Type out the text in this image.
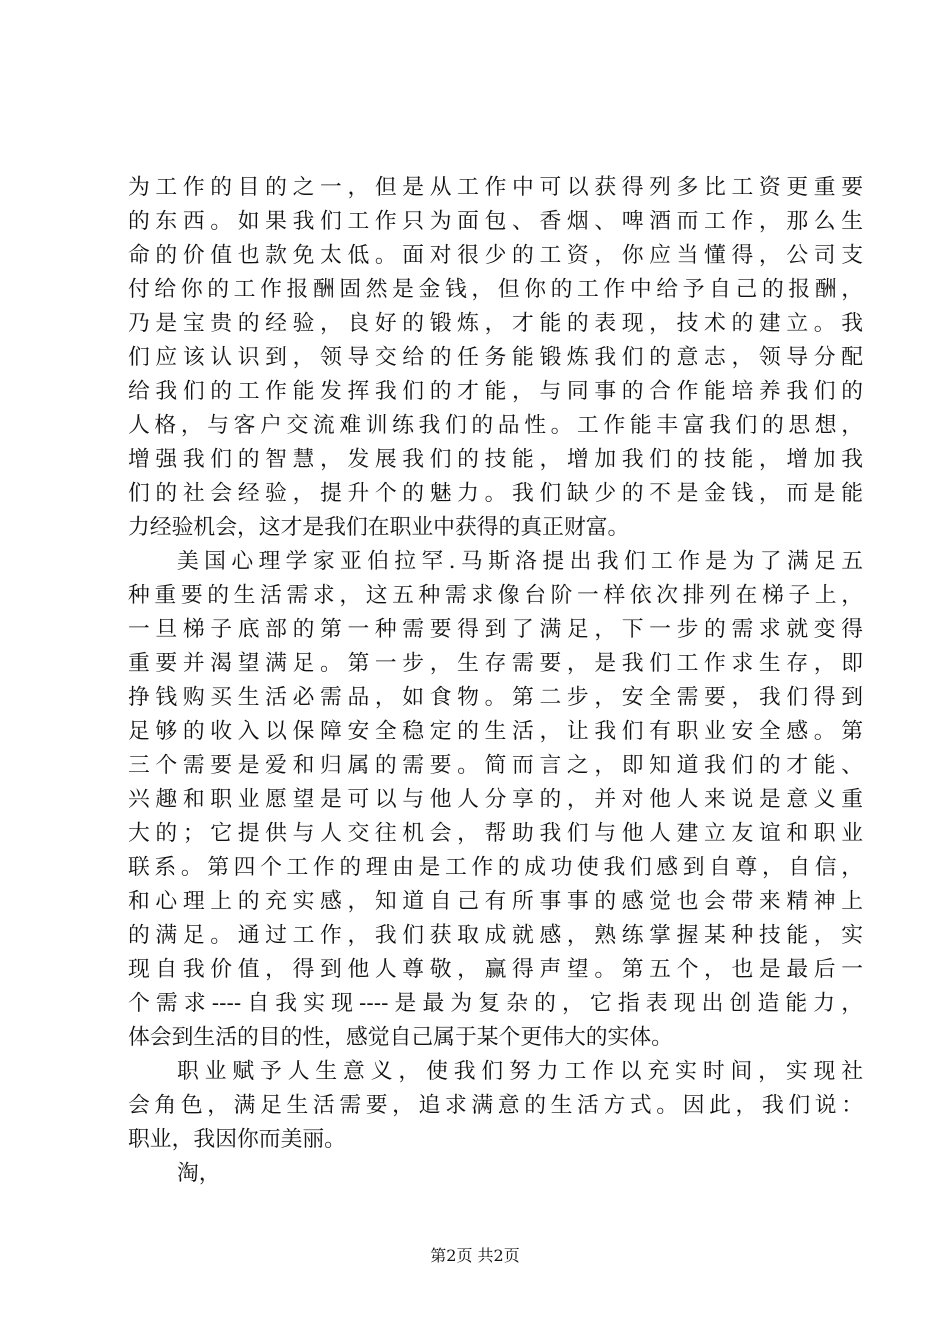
为工作的目的之一，但是从工作中可以获得列多比工资更重要
的东西。如果我们工作只为面包、香烟、啤酒而工作，那么生
命的价值也款免太低。面对很少的工资，你应当懂得，公司支
付给你的工作报酬固然是金钱，但你的工作中给予自己的报酬，
乃是宝贵的经验，良好的锻炼，才能的表现，技术的建立。我
们应该认识到，领导交给的任务能锻炼我们的意志，领导分配
给我们的工作能发挥我们的才能，与同事的合作能培养我们的
人格，与客户交流难训练我们的品性。工作能丰富我们的思想，
增强我们的智慧，发展我们的技能，增加我们的技能，增加我
们的社会经验，提升个的魅力。我们缺少的不是金钱，而是能
力经验机会，这才是我们在职业中获得的真正财富。
美国心理学家亚伯拉罕.马斯洛提出我们工作是为了满足五
种重要的生活需求，这五种需求像台阶一样依次排列在梯子上，
一旦梯子底部的第一种需要得到了满足，下一步的需求就变得
重要并渴望满足。第一步，生存需要，是我们工作求生存，即
挣钱购买生活必需品，如食物。第二步，安全需要，我们得到
足够的收入以保障安全稳定的生活，让我们有职业安全感。第
三个需要是爱和归属的需要。简而言之，即知道我们的才能、
兴趣和职业愿望是可以与他人分享的，并对他人来说是意义重
大的；它提供与人交往机会，帮助我们与他人建立友谊和职业
联系。第四个工作的理由是工作的成功使我们感到自尊，自信，
和心理上的充实感，知道自己有所事事的感觉也会带来精神上
的满足。通过工作，我们获取成就感，熟练掌握某种技能，实
现自我价值，得到他人尊敬，赢得声望。第五个，也是最后一
个需求----自我实现----是最为复杂的，它指表现出创造能力，
体会到生活的目的性，感觉自己属于某个更伟大的实体。
职业赋予人生意义，使我们努力工作以充实时间，实现社
会角色，满足生活需要，追求满意的生活方式。因此，我们说：
职业，我因你而美丽。
淘，
第2页 共2页
